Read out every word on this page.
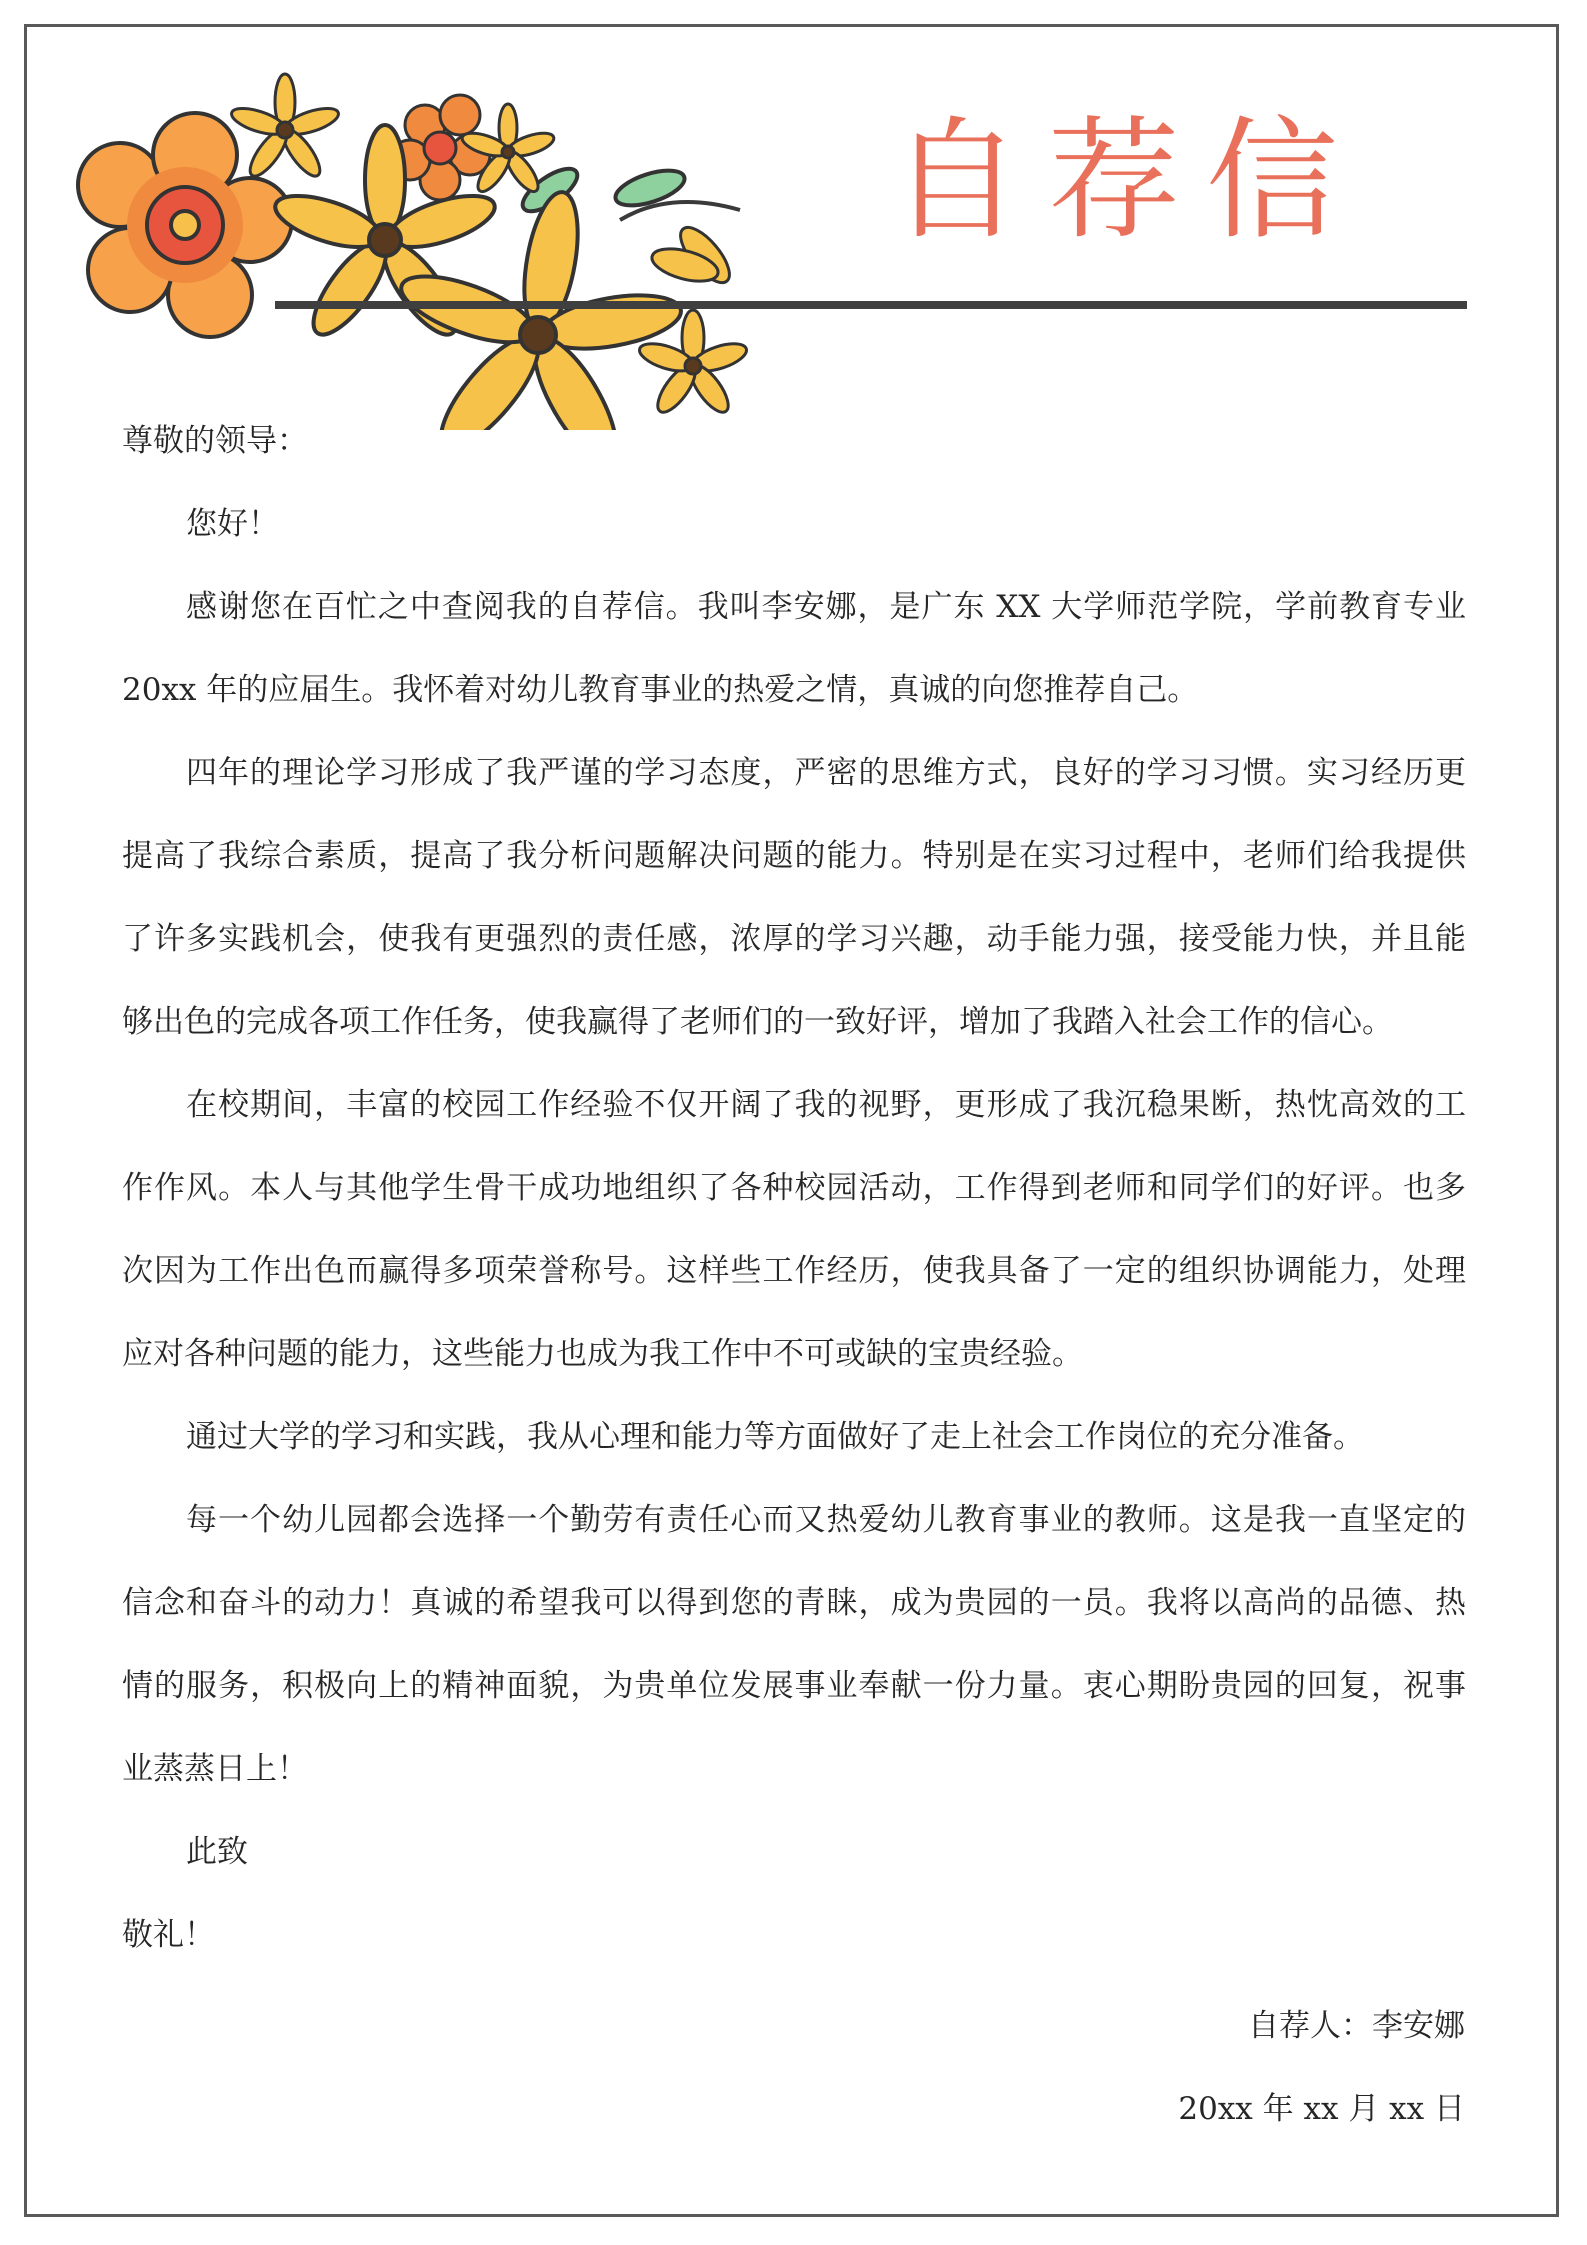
自荐信
尊敬的领导：
您好！
感谢您在百忙之中查阅我的自荐信。我叫李安娜，是广东 XX 大学师范学院，学前教育专业
20xx 年的应届生。我怀着对幼儿教育事业的热爱之情，真诚的向您推荐自己。
四年的理论学习形成了我严谨的学习态度，严密的思维方式，良好的学习习惯。实习经历更
提高了我综合素质，提高了我分析问题解决问题的能力。特别是在实习过程中，老师们给我提供
了许多实践机会，使我有更强烈的责任感，浓厚的学习兴趣，动手能力强，接受能力快，并且能
够出色的完成各项工作任务，使我赢得了老师们的一致好评，增加了我踏入社会工作的信心。
在校期间，丰富的校园工作经验不仅开阔了我的视野，更形成了我沉稳果断，热忱高效的工
作作风。本人与其他学生骨干成功地组织了各种校园活动，工作得到老师和同学们的好评。也多
次因为工作出色而赢得多项荣誉称号。这样些工作经历，使我具备了一定的组织协调能力，处理
应对各种问题的能力，这些能力也成为我工作中不可或缺的宝贵经验。
通过大学的学习和实践，我从心理和能力等方面做好了走上社会工作岗位的充分准备。
每一个幼儿园都会选择一个勤劳有责任心而又热爱幼儿教育事业的教师。这是我一直坚定的
信念和奋斗的动力！真诚的希望我可以得到您的青睐，成为贵园的一员。我将以高尚的品德、热
情的服务，积极向上的精神面貌，为贵单位发展事业奉献一份力量。衷心期盼贵园的回复，祝事
业蒸蒸日上！
此致
敬礼！
自荐人：李安娜
20xx 年 xx 月 xx 日
